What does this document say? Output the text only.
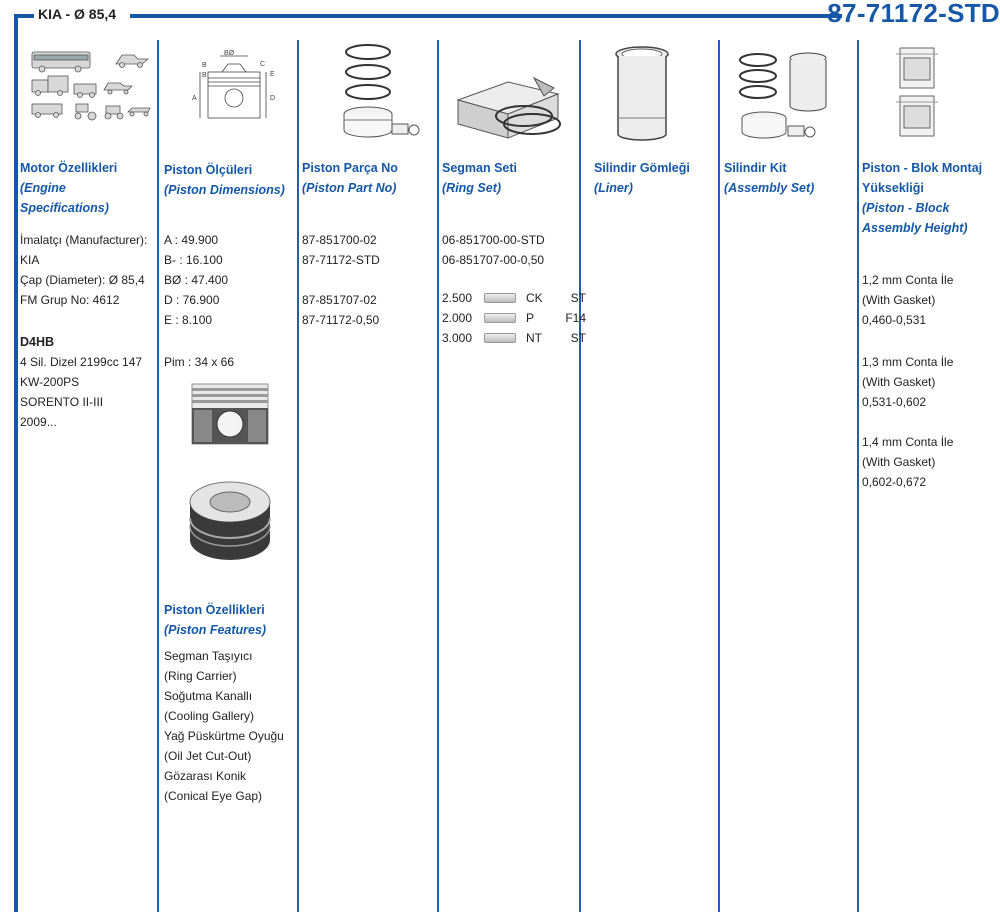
KIA - Ø 85,4	87-71172-STD
Motor Özellikleri
(Engine Specifications)
İmalatçı (Manufacturer):
KIA
Çap (Diameter): Ø 85,4
FM Grup No: 4612
D4HB
4 Sil. Dizel 2199cc 147
KW-200PS
SORENTO II-III
2009...
BØ
B
B
A
C
E
D
Piston Ölçüleri
(Piston Dimensions)
A : 49.900
B- : 16.100
BØ : 47.400
D : 76.900
E : 8.100
Pim : 34 x 66
Piston Özellikleri
(Piston Features)
Segman Taşıyıcı
(Ring Carrier)
Soğutma Kanallı
(Cooling Gallery)
Yağ Püskürtme Oyuğu
(Oil Jet Cut-Out)
Gözarası Konik
(Conical Eye Gap)
Piston Parça No
(Piston Part No)
87-851700-02
87-71172-STD
87-851707-02
87-71172-0,50
Segman Seti
(Ring Set)
06-851700-00-STD
06-851707-00-0,50
2.500	CK	ST
2.000	P	F14
3.000	NT	ST
Silindir Gömleği
(Liner)
Silindir Kit
(Assembly Set)
Piston - Blok Montaj
Yüksekliği
(Piston - Block
Assembly Height)
1,2 mm Conta İle
(With Gasket)
0,460-0,531
1,3 mm Conta İle
(With Gasket)
0,531-0,602
1,4 mm Conta İle
(With Gasket)
0,602-0,672
